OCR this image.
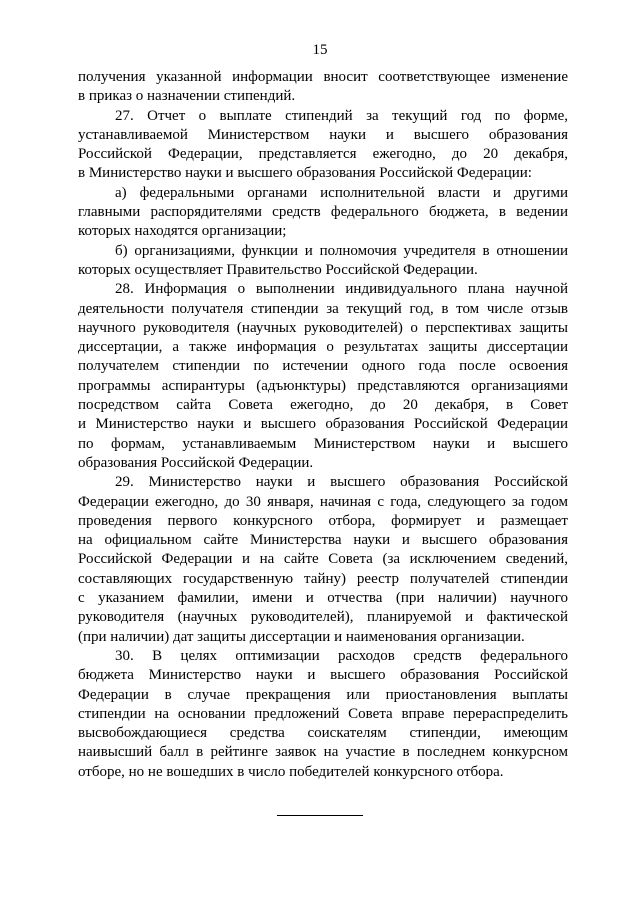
15
получения указанной информации вносит соответствующее изменение
в приказ о назначении стипендий.
27. Отчет о выплате стипендий за текущий год по форме,
устанавливаемой Министерством науки и высшего образования
Российской Федерации, представляется ежегодно, до 20 декабря,
в Министерство науки и высшего образования Российской Федерации:
а) федеральными органами исполнительной власти и другими
главными распорядителями средств федерального бюджета, в ведении
которых находятся организации;
б) организациями, функции и полномочия учредителя в отношении
которых осуществляет Правительство Российской Федерации.
28. Информация о выполнении индивидуального плана научной
деятельности получателя стипендии за текущий год, в том числе отзыв
научного руководителя (научных руководителей) о перспективах защиты
диссертации, а также информация о результатах защиты диссертации
получателем стипендии по истечении одного года после освоения
программы аспирантуры (адъюнктуры) представляются организациями
посредством сайта Совета ежегодно, до 20 декабря, в Совет
и Министерство науки и высшего образования Российской Федерации
по формам, устанавливаемым Министерством науки и высшего
образования Российской Федерации.
29. Министерство науки и высшего образования Российской
Федерации ежегодно, до 30 января, начиная с года, следующего за годом
проведения первого конкурсного отбора, формирует и размещает
на официальном сайте Министерства науки и высшего образования
Российской Федерации и на сайте Совета (за исключением сведений,
составляющих государственную тайну) реестр получателей стипендии
с указанием фамилии, имени и отчества (при наличии) научного
руководителя (научных руководителей), планируемой и фактической
(при наличии) дат защиты диссертации и наименования организации.
30. В целях оптимизации расходов средств федерального
бюджета Министерство науки и высшего образования Российской
Федерации в случае прекращения или приостановления выплаты
стипендии на основании предложений Совета вправе перераспределить
высвобождающиеся средства соискателям стипендии, имеющим
наивысший балл в рейтинге заявок на участие в последнем конкурсном
отборе, но не вошедших в число победителей конкурсного отбора.
